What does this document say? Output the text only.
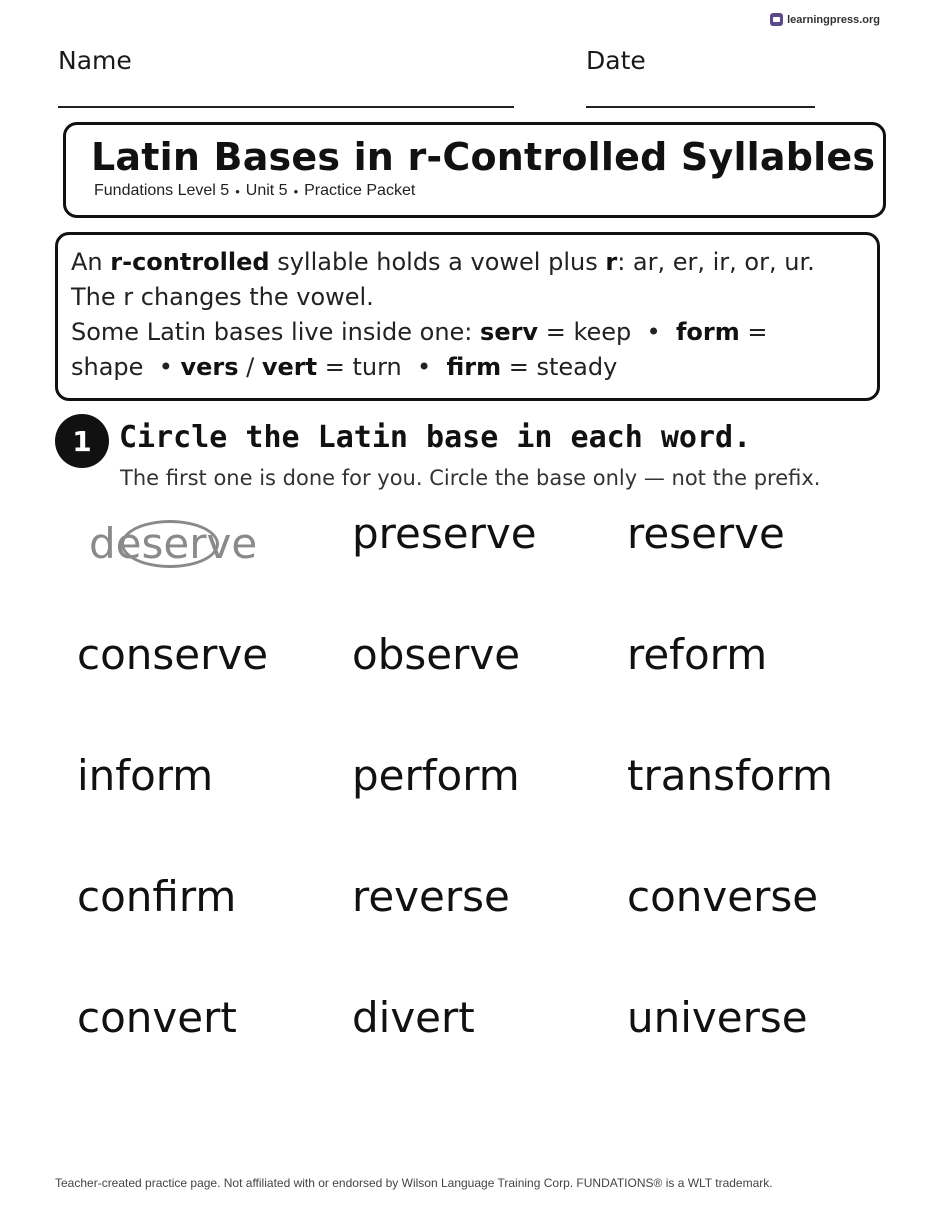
learningpress.org
Name	Date
Latin Bases in r-Controlled Syllables
Fundations Level 5 • Unit 5 • Practice Packet

An r-controlled syllable holds a vowel plus r: ar, er, ir, or, ur. The r changes the vowel.

Some Latin bases live inside one: serv = keep • form = shape • vers / vert = turn • firm = steady

1 Circle the Latin base in each word.
The first one is done for you. Circle the base only — not the prefix.
deserve	preserve	reserve
conserve	observe	reform
inform	perform	transform
confirm	reverse	converse
convert	divert	universe
Teacher-created practice page. Not affiliated with or endorsed by Wilson Language Training Corp. FUNDATIONS® is a WLT trademark.
